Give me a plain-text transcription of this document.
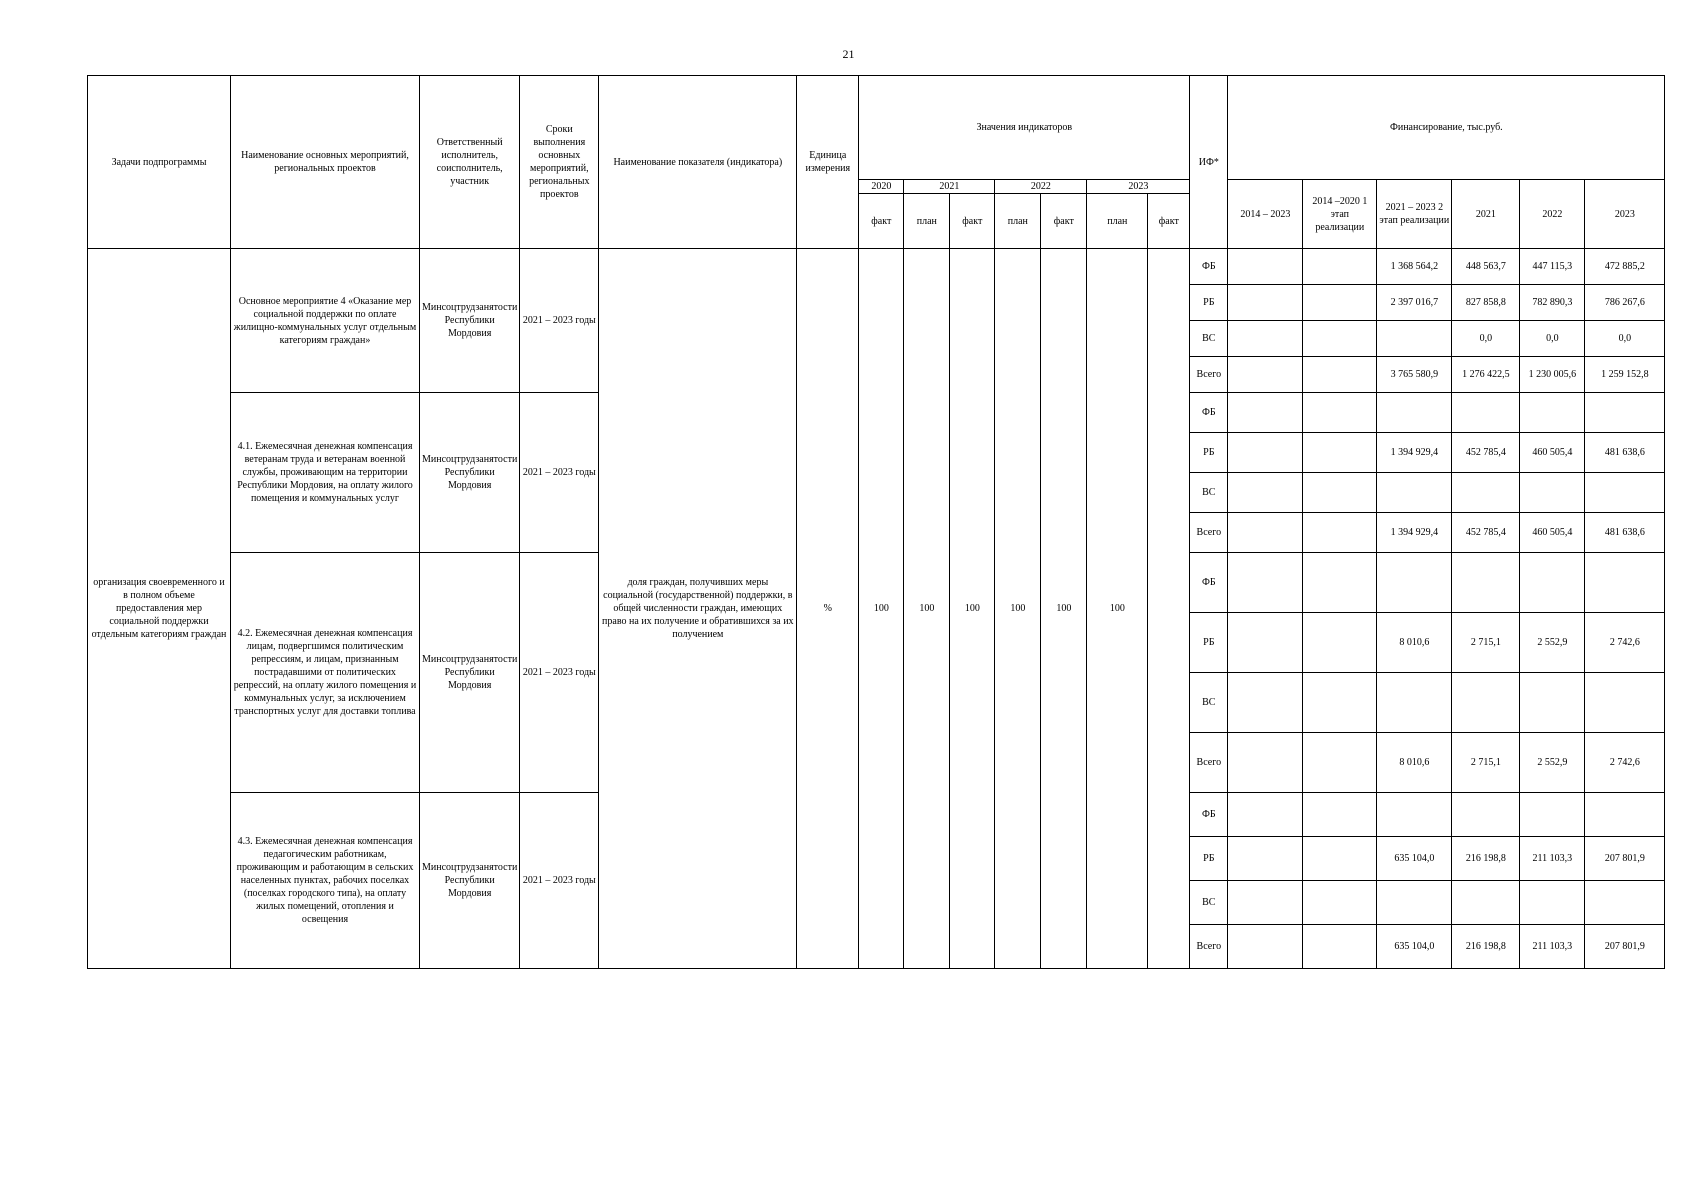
21
Задачи подпрограммы	Наименование основных мероприятий, региональных проектов	Ответственный исполнитель, соисполнитель, участник	Сроки выполнения основных мероприятий, региональных проектов	Наименование показателя (индикатора)	Единица измерения	Значения индикаторов							ИФ*	Финансирование, тыс.руб.					
						2020	2021		2022		2023			2014 – 2023	2014 –2020 1 этап реализации	2021 – 2023 2 этап реализации	2021	2022	2023
						факт	план	факт	план	факт	план	факт							
организация своевременного и в полном объеме предоставления мер социальной поддержки отдельным категориям граждан	Основное мероприятие 4 «Оказание мер социальной поддержки по оплате жилищно-коммунальных услуг отдельным категориям граждан»	Минсоцтрудзанятости Республики Мордовия	2021 – 2023 годы	доля граждан, получивших меры социальной (государственной) поддержки, в общей численности граждан, имеющих право на их получение и обратившихся за их получением	%	100	100	100	100	100	100		ФБ			1 368 564,2	448 563,7	447 115,3	472 885,2
													РБ			2 397 016,7	827 858,8	782 890,3	786 267,6
													ВС				0,0	0,0	0,0
													Всего			3 765 580,9	1 276 422,5	1 230 005,6	1 259 152,8
	4.1. Ежемесячная денежная компенсация ветеранам труда и ветеранам военной службы, проживающим на территории Республики Мордовия, на оплату жилого помещения и коммунальных услуг	Минсоцтрудзанятости Республики Мордовия	2021 – 2023 годы										ФБ						
													РБ			1 394 929,4	452 785,4	460 505,4	481 638,6
													ВС						
													Всего			1 394 929,4	452 785,4	460 505,4	481 638,6
	4.2. Ежемесячная денежная компенсация лицам, подвергшимся политическим репрессиям, и лицам, признанным пострадавшими от политических репрессий, на оплату жилого помещения и коммунальных услуг, за исключением транспортных услуг для доставки топлива	Минсоцтрудзанятости Республики Мордовия	2021 – 2023 годы										ФБ						
													РБ			8 010,6	2 715,1	2 552,9	2 742,6
													ВС						
													Всего			8 010,6	2 715,1	2 552,9	2 742,6
	4.3. Ежемесячная денежная компенсация педагогическим работникам, проживающим и работающим в сельских населенных пунктах, рабочих поселках (поселках городского типа), на оплату жилых помещений, отопления и освещения	Минсоцтрудзанятости Республики Мордовия	2021 – 2023 годы										ФБ						
													РБ			635 104,0	216 198,8	211 103,3	207 801,9
													ВС						
													Всего			635 104,0	216 198,8	211 103,3	207 801,9
